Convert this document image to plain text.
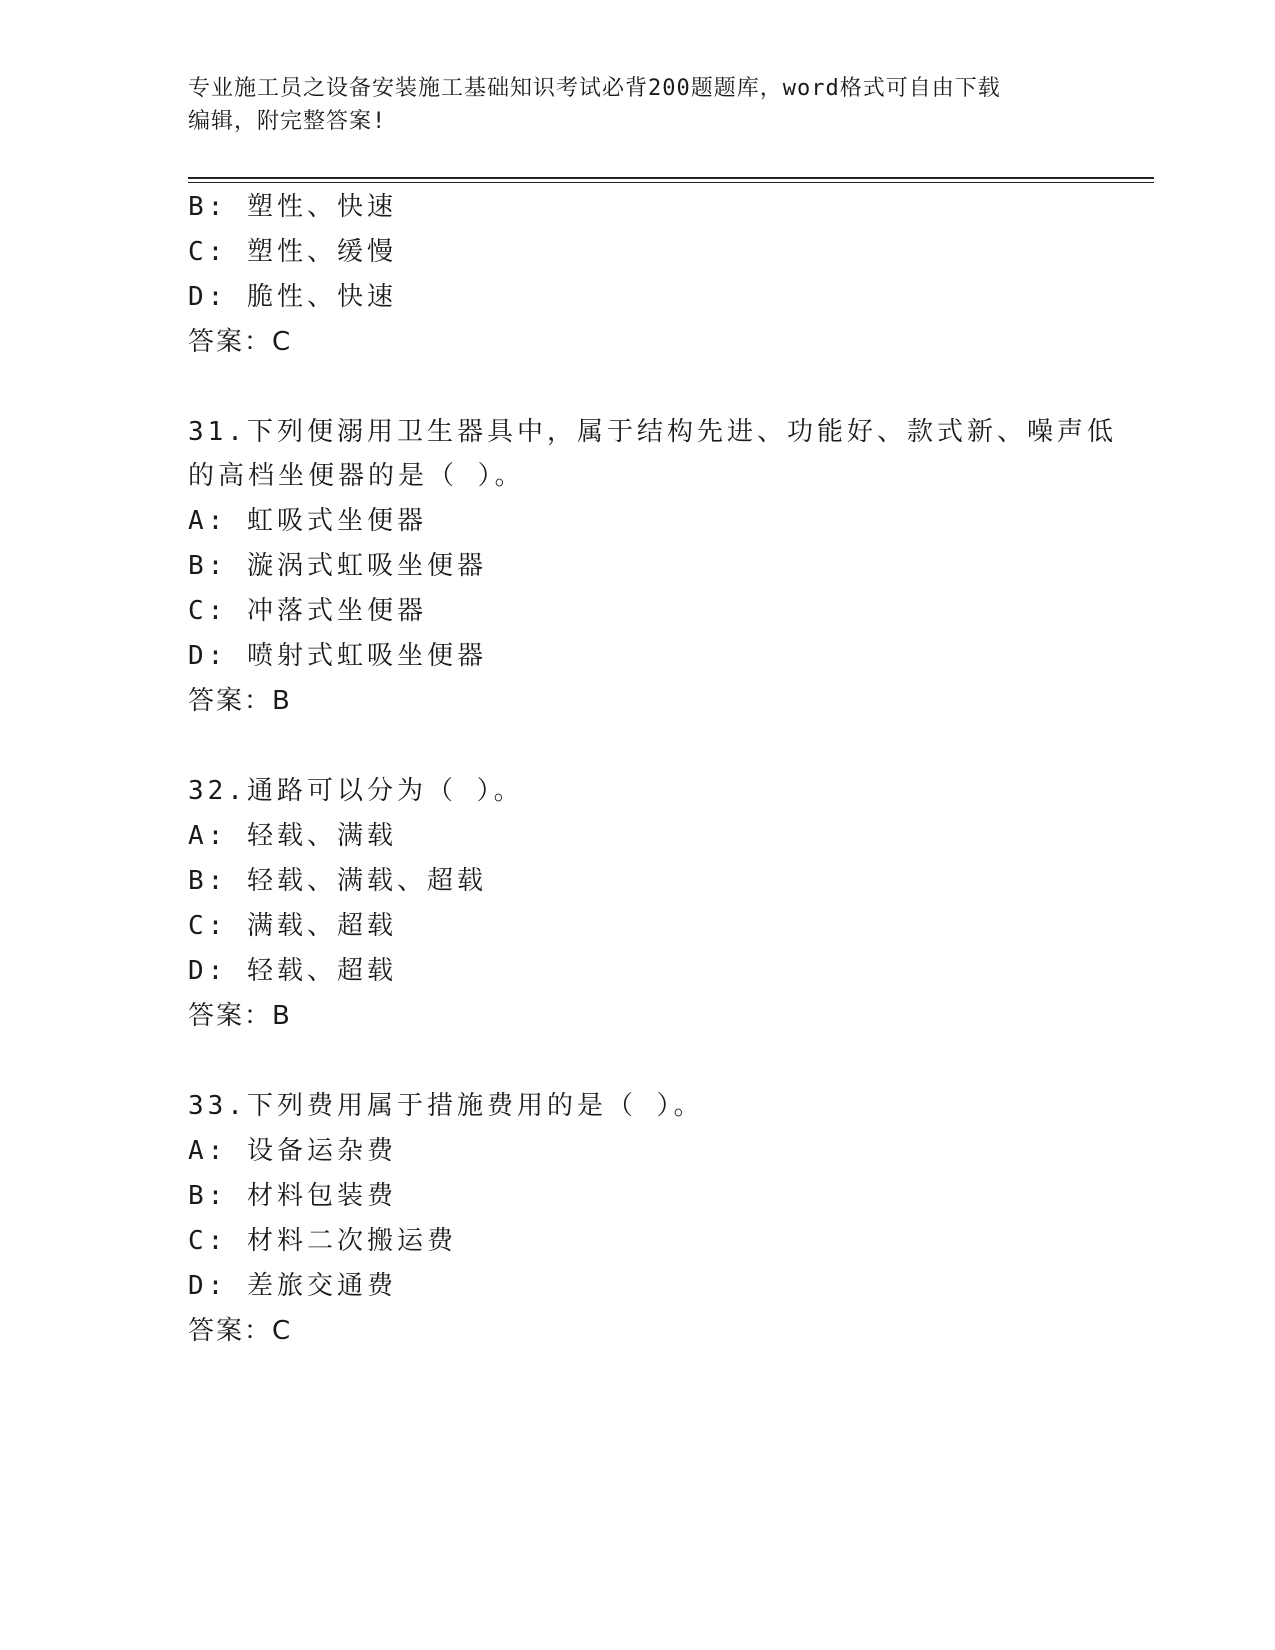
专业施工员之设备安装施工基础知识考试必背200题题库，word格式可自由下载
编辑，附完整答案!
B: 塑性、快速
C: 塑性、缓慢
D: 脆性、快速
答案：C
31.下列便溺用卫生器具中，属于结构先进、功能好、款式新、噪声低
的高档坐便器的是（ ）。
A: 虹吸式坐便器
B: 漩涡式虹吸坐便器
C: 冲落式坐便器
D: 喷射式虹吸坐便器
答案：B
32.通路可以分为（ ）。
A: 轻载、满载
B: 轻载、满载、超载
C: 满载、超载
D: 轻载、超载
答案：B
33.下列费用属于措施费用的是（ ）。
A: 设备运杂费
B: 材料包装费
C: 材料二次搬运费
D: 差旅交通费
答案：C
